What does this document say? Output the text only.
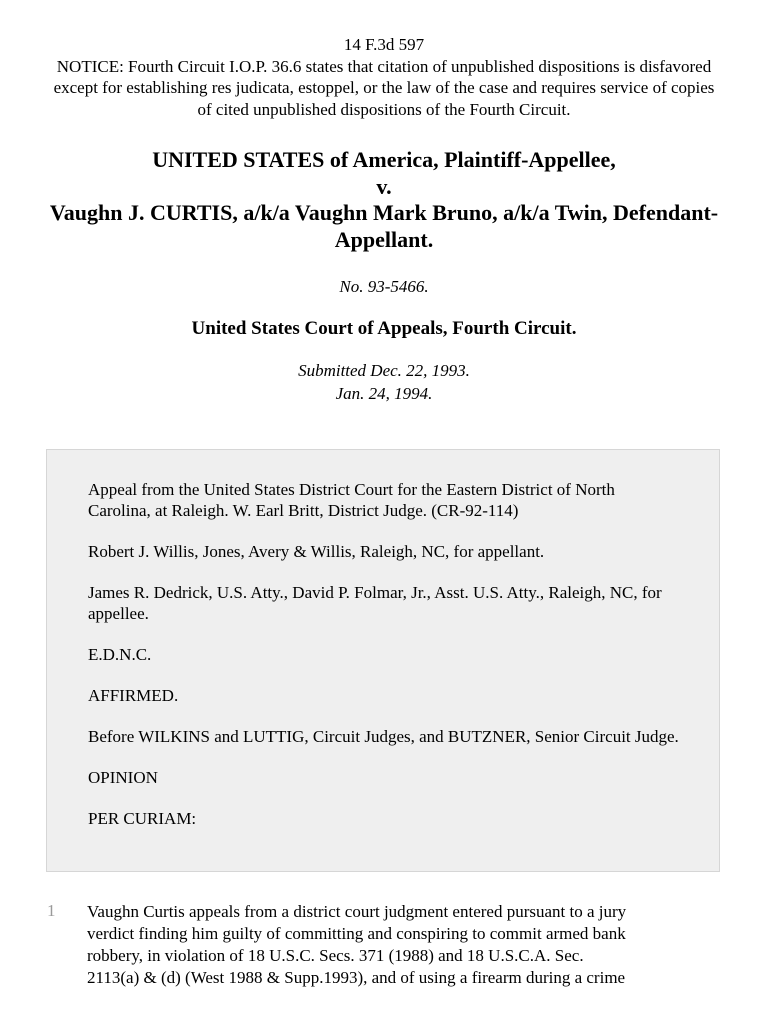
14 F.3d 597
NOTICE: Fourth Circuit I.O.P. 36.6 states that citation of unpublished dispositions is disfavored except for establishing res judicata, estoppel, or the law of the case and requires service of copies of cited unpublished dispositions of the Fourth Circuit.
UNITED STATES of America, Plaintiff-Appellee,
v.
Vaughn J. CURTIS, a/k/a Vaughn Mark Bruno, a/k/a Twin, Defendant-Appellant.
No. 93-5466.
United States Court of Appeals, Fourth Circuit.
Submitted Dec. 22, 1993.
Jan. 24, 1994.

Appeal from the United States District Court for the Eastern District of North Carolina, at Raleigh. W. Earl Britt, District Judge. (CR-92-114)

Robert J. Willis, Jones, Avery & Willis, Raleigh, NC, for appellant.

James R. Dedrick, U.S. Atty., David P. Folmar, Jr., Asst. U.S. Atty., Raleigh, NC, for appellee.

E.D.N.C.

AFFIRMED.

Before WILKINS and LUTTIG, Circuit Judges, and BUTZNER, Senior Circuit Judge.

OPINION

PER CURIAM:

1 Vaughn Curtis appeals from a district court judgment entered pursuant to a jury
verdict finding him guilty of committing and conspiring to commit armed bank
robbery, in violation of 18 U.S.C. Secs. 371 (1988) and 18 U.S.C.A. Sec.
2113(a) & (d) (West 1988 & Supp.1993), and of using a firearm during a crime
